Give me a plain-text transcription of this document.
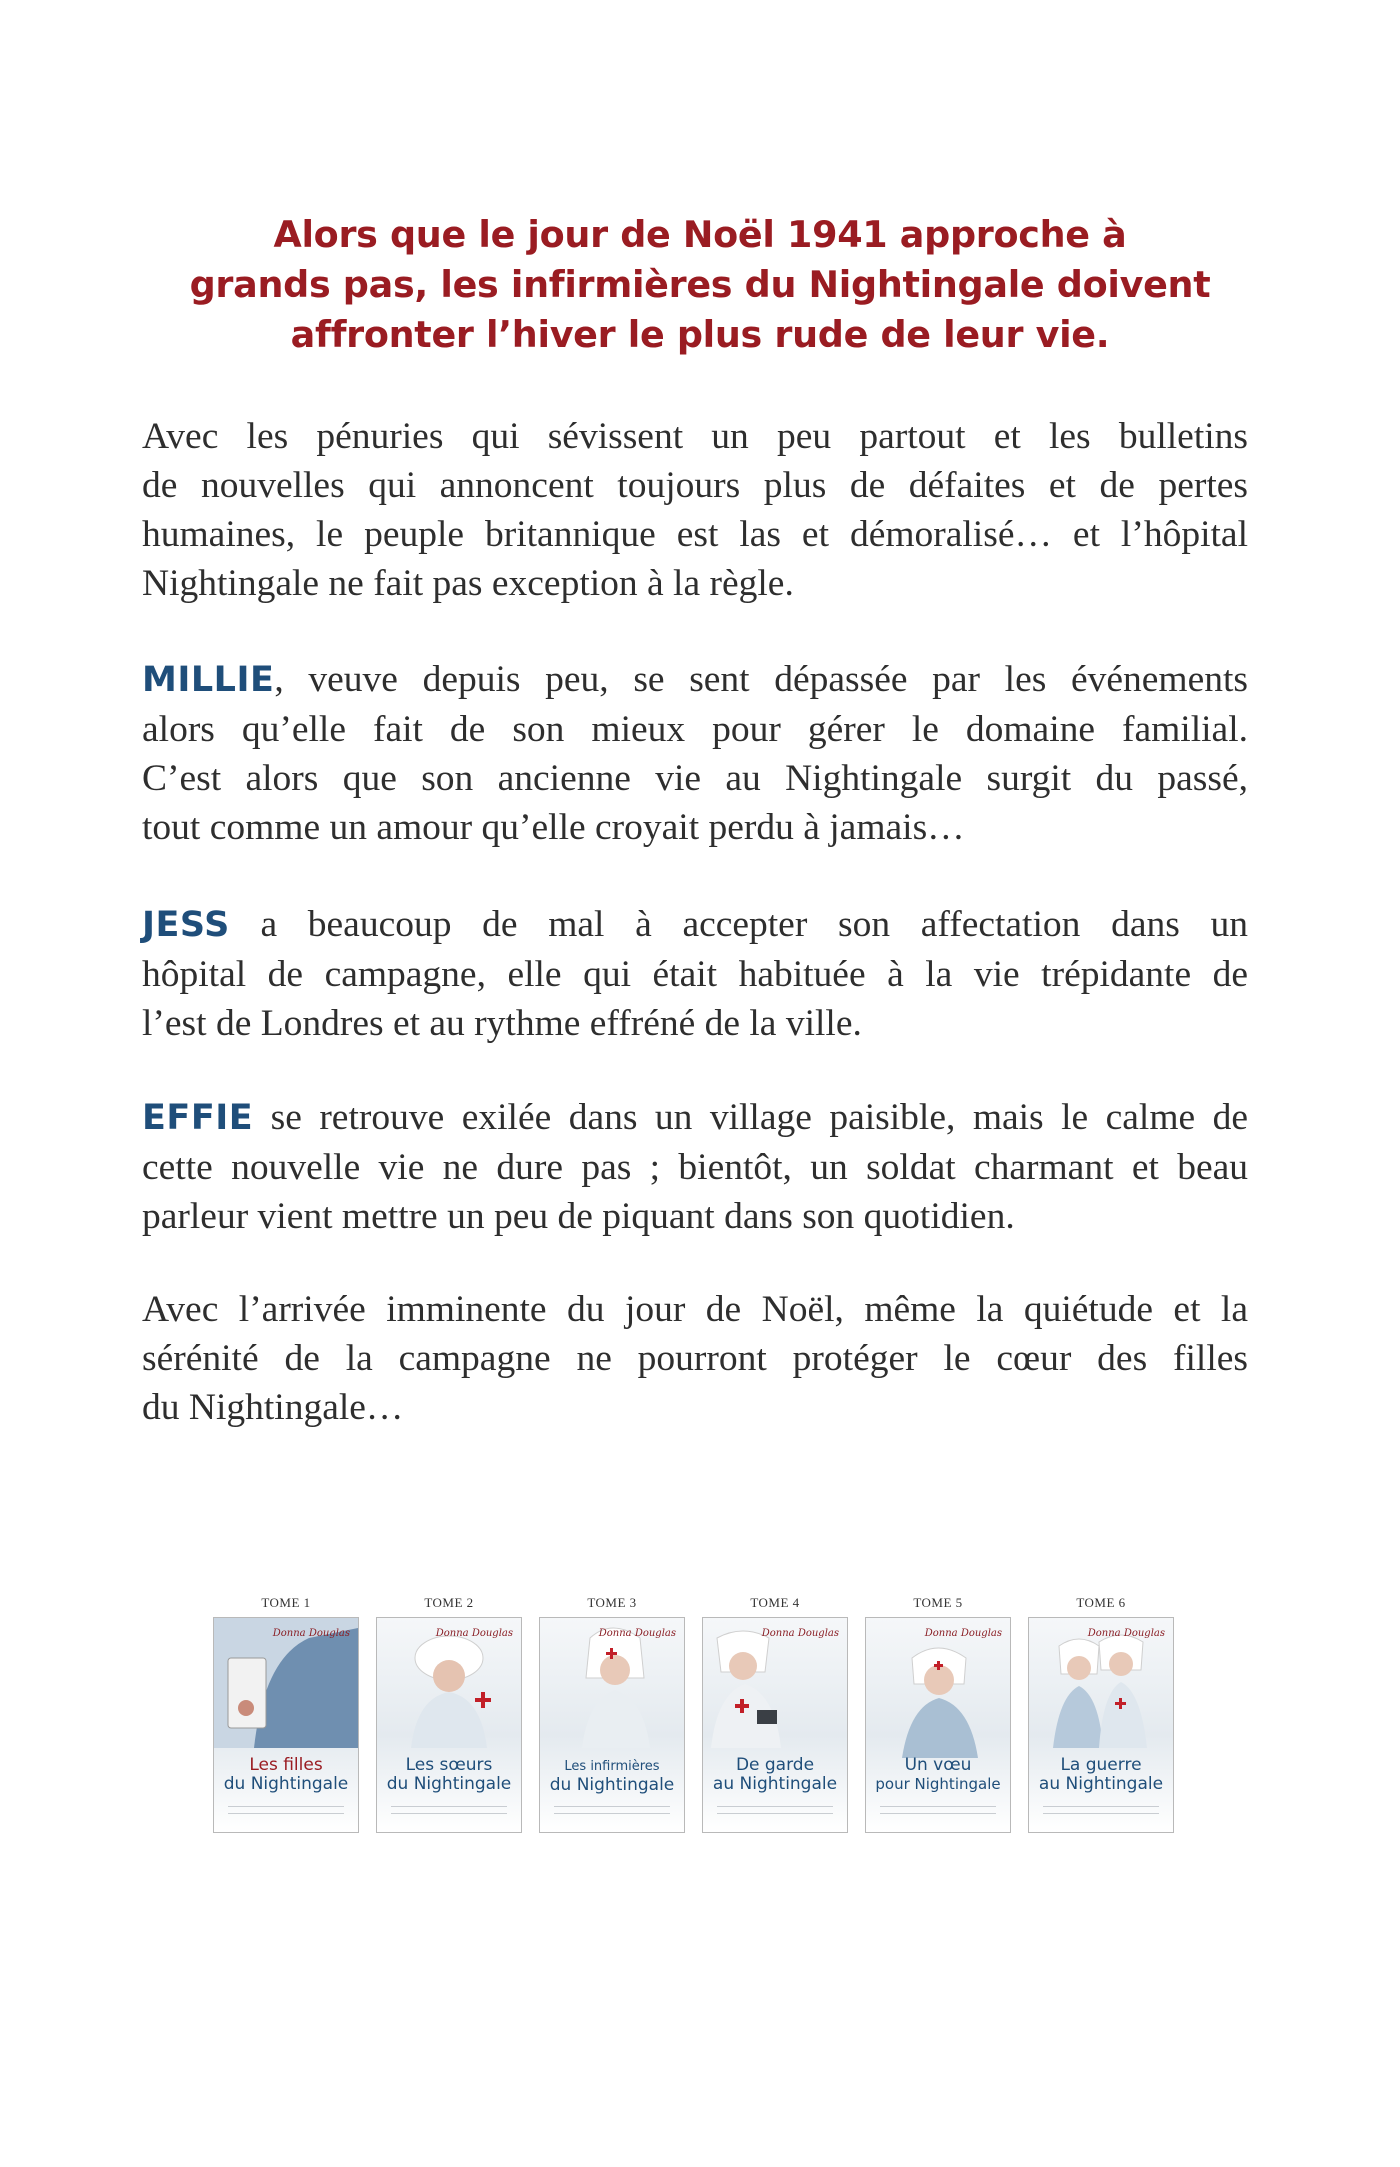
Alors que le jour de Noël 1941 approche à
grands pas, les infirmières du Nightingale doivent
affronter l’hiver le plus rude de leur vie.

Avec les pénuries qui sévissent un peu partout et les bulletins
de nouvelles qui annoncent toujours plus de défaites et de pertes
humaines, le peuple britannique est las et démoralisé… et l’hôpital
Nightingale ne fait pas exception à la règle.

MILLIE, veuve depuis peu, se sent dépassée par les événements
alors qu’elle fait de son mieux pour gérer le domaine familial.
C’est alors que son ancienne vie au Nightingale surgit du passé,
tout comme un amour qu’elle croyait perdu à jamais…

JESS a beaucoup de mal à accepter son affectation dans un
hôpital de campagne, elle qui était habituée à la vie trépidante de
l’est de Londres et au rythme effréné de la ville.

EFFIE se retrouve exilée dans un village paisible, mais le calme de
cette nouvelle vie ne dure pas ; bientôt, un soldat charmant et beau
parleur vient mettre un peu de piquant dans son quotidien.

Avec l’arrivée imminente du jour de Noël, même la quiétude et la
sérénité de la campagne ne pourront protéger le cœur des filles
du Nightingale…

TOME 1
Donna Douglas
Les filles
du Nightingale
TOME 2
Donna Douglas
Les sœurs
du Nightingale
TOME 3
Donna Douglas
Les infirmières
du Nightingale
TOME 4
Donna Douglas
De garde
au Nightingale
TOME 5
Donna Douglas
Un vœu
pour Nightingale
TOME 6
Donna Douglas
La guerre
au Nightingale
